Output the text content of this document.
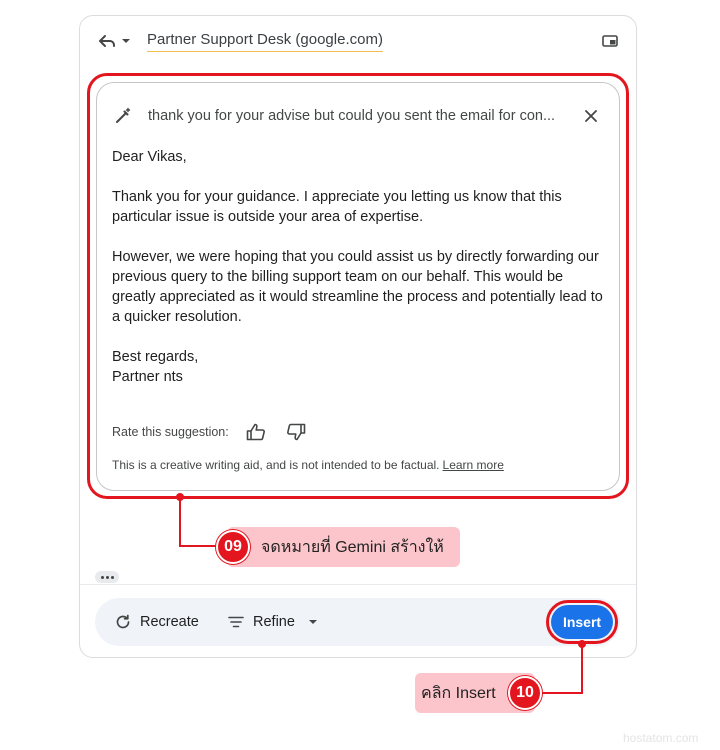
Partner Support Desk (google.com)
thank you for your advise but could you sent the email for con...

Dear Vikas,

Thank you for your guidance. I appreciate you letting us know that this particular issue is outside your area of expertise.

However, we were hoping that you could assist us by directly forwarding our previous query to the billing support team on our behalf. This would be greatly appreciated as it would streamline the process and potentially lead to a quicker resolution.

Best regards,

Partner nts

Rate this suggestion:
This is a creative writing aid, and is not intended to be factual. Learn more
จดหมายที่ Gemini สร้างให้
09
Recreate	Refine	Insert
คลิก Insert	10
hostatom.com
